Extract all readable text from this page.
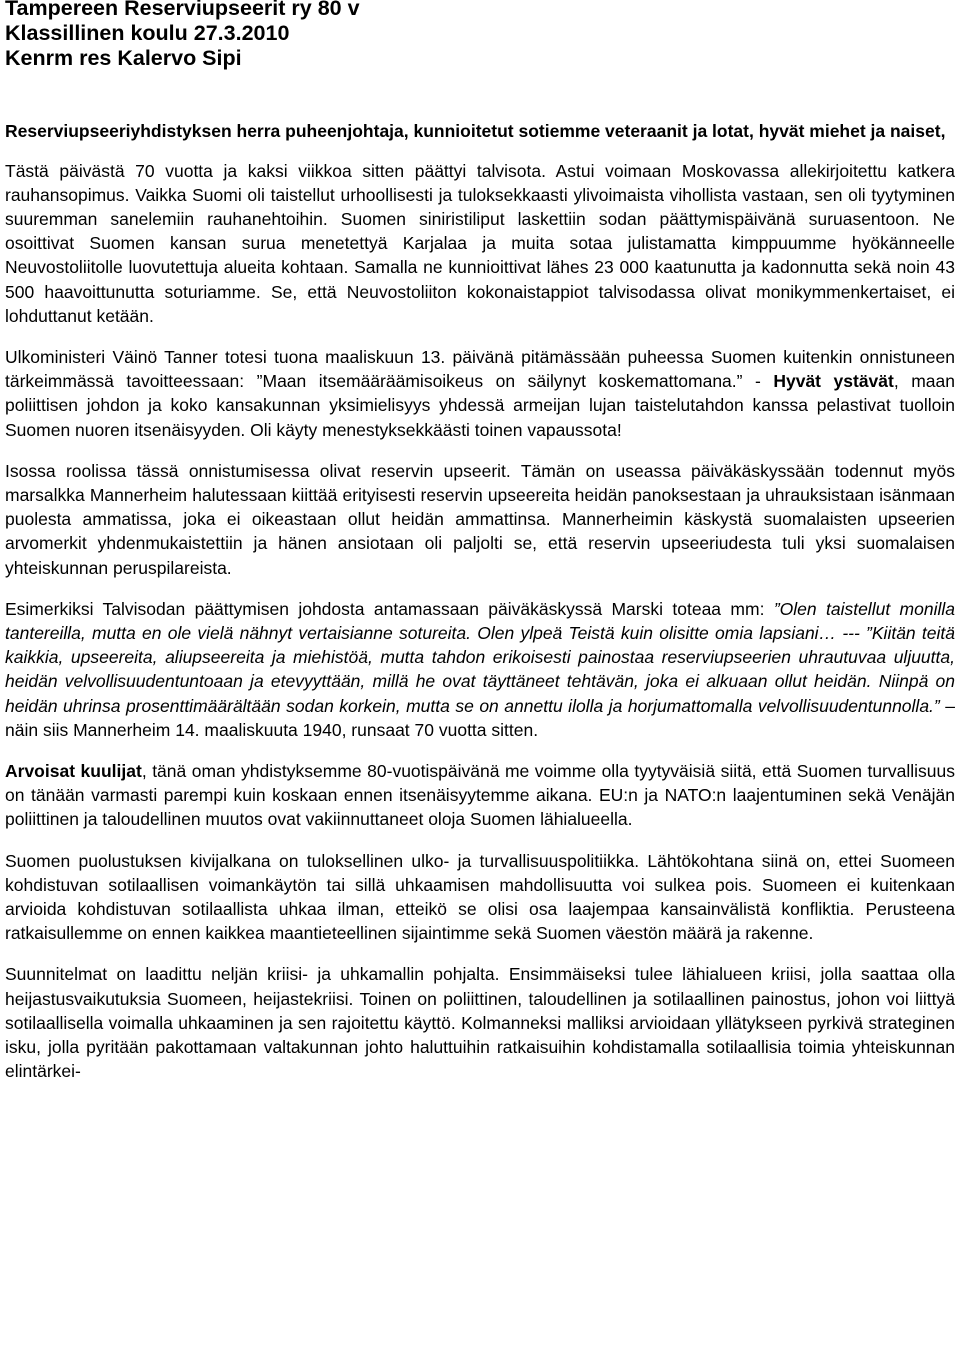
Tampereen Reserviupseerit ry 80 v

Klassillinen koulu 27.3.2010

Kenrm res Kalervo Sipi

Reserviupseeriyhdistyksen herra puheenjohtaja, kunnioitetut sotiemme veteraanit ja lotat, hyvät miehet ja naiset,

Tästä päivästä 70 vuotta ja kaksi viikkoa sitten päättyi talvisota. Astui voimaan Moskovassa allekirjoitettu katkera rauhansopimus. Vaikka Suomi oli taistellut urhoollisesti ja tuloksekkaasti ylivoimaista vihollista vastaan, sen oli tyytyminen suuremman sanelemiin rauhanehtoihin. Suomen siniristiliput laskettiin sodan päättymispäivänä suruasentoon. Ne osoittivat Suomen kansan surua menetettyä Karjalaa ja muita sotaa julistamatta kimppuumme hyökänneelle Neuvostoliitolle luovutettuja alueita kohtaan. Samalla ne kunnioittivat lähes 23 000 kaatunutta ja kadonnutta sekä noin 43 500 haavoittunutta soturiamme. Se, että Neuvostoliiton kokonaistappiot talvisodassa olivat monikymmenkertaiset, ei lohduttanut ketään.

Ulkoministeri Väinö Tanner totesi tuona maaliskuun 13. päivänä pitämässään puheessa Suomen kuitenkin onnistuneen tärkeimmässä tavoitteessaan: ”Maan itsemääräämisoikeus on säilynyt koskemattomana.” - Hyvät ystävät, maan poliittisen johdon ja koko kansakunnan yksimielisyys yhdessä armeijan lujan taistelutahdon kanssa pelastivat tuolloin Suomen nuoren itsenäisyyden. Oli käyty menestyksekkäästi toinen vapaussota!

Isossa roolissa tässä onnistumisessa olivat reservin upseerit. Tämän on useassa päiväkäskyssään todennut myös marsalkka Mannerheim halutessaan kiittää erityisesti reservin upseereita heidän panoksestaan ja uhrauksistaan isänmaan puolesta ammatissa, joka ei oikeastaan ollut heidän ammattinsa. Mannerheimin käskystä suomalaisten upseerien arvomerkit yhdenmukaistettiin ja hänen ansiotaan oli paljolti se, että reservin upseeriudesta tuli yksi suomalaisen yhteiskunnan peruspilareista.

Esimerkiksi Talvisodan päättymisen johdosta antamassaan päiväkäskyssä Marski toteaa mm: ”Olen taistellut monilla tantereilla, mutta en ole vielä nähnyt vertaisianne sotureita. Olen ylpeä Teistä kuin olisitte omia lapsiani… --- ”Kiitän teitä kaikkia, upseereita, aliupseereita ja miehistöä, mutta tahdon erikoisesti painostaa reserviupseerien uhrautuvaa uljuutta, heidän velvollisuudentuntoaan ja etevyyttään, millä he ovat täyttäneet tehtävän, joka ei alkuaan ollut heidän. Niinpä on heidän uhrinsa prosenttimäärältään sodan korkein, mutta se on annettu ilolla ja horjumattomalla velvollisuudentunnolla.” – näin siis Mannerheim 14. maaliskuuta 1940, runsaat 70 vuotta sitten.

Arvoisat kuulijat, tänä oman yhdistyksemme 80-vuotispäivänä me voimme olla tyytyväisiä siitä, että Suomen turvallisuus on tänään varmasti parempi kuin koskaan ennen itsenäisyytemme aikana. EU:n ja NATO:n laajentuminen sekä Venäjän poliittinen ja taloudellinen muutos ovat vakiinnuttaneet oloja Suomen lähialueella.

Suomen puolustuksen kivijalkana on tuloksellinen ulko- ja turvallisuuspolitiikka. Lähtökohtana siinä on, ettei Suomeen kohdistuvan sotilaallisen voimankäytön tai sillä uhkaamisen mahdollisuutta voi sulkea pois. Suomeen ei kuitenkaan arvioida kohdistuvan sotilaallista uhkaa ilman, etteikö se olisi osa laajempaa kansainvälistä konfliktia. Perusteena ratkaisullemme on ennen kaikkea maantieteellinen sijaintimme sekä Suomen väestön määrä ja rakenne.

Suunnitelmat on laadittu neljän kriisi- ja uhkamallin pohjalta. Ensimmäiseksi tulee lähialueen kriisi, jolla saattaa olla heijastusvaikutuksia Suomeen, heijastekriisi. Toinen on poliittinen, taloudellinen ja sotilaallinen painostus, johon voi liittyä sotilaallisella voimalla uhkaaminen ja sen rajoitettu käyttö. Kolmanneksi malliksi arvioidaan yllätykseen pyrkivä strateginen isku, jolla pyritään pakottamaan valtakunnan johto haluttuihin ratkaisuihin kohdistamalla sotilaallisia toimia yhteiskunnan elintärkei-
